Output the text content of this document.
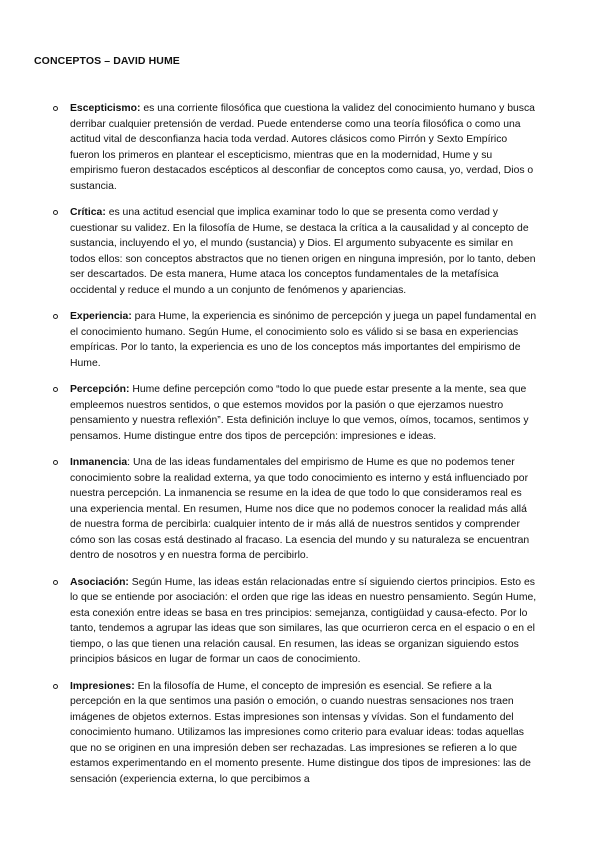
CONCEPTOS – DAVID HUME

Escepticismo: es una corriente filosófica que cuestiona la validez del conocimiento humano y busca derribar cualquier pretensión de verdad. Puede entenderse como una teoría filosófica o como una actitud vital de desconfianza hacia toda verdad. Autores clásicos como Pirrón y Sexto Empírico fueron los primeros en plantear el escepticismo, mientras que en la modernidad, Hume y su empirismo fueron destacados escépticos al desconfiar de conceptos como causa, yo, verdad, Dios o sustancia.

Crítica: es una actitud esencial que implica examinar todo lo que se presenta como verdad y cuestionar su validez. En la filosofía de Hume, se destaca la crítica a la causalidad y al concepto de sustancia, incluyendo el yo, el mundo (sustancia) y Dios. El argumento subyacente es similar en todos ellos: son conceptos abstractos que no tienen origen en ninguna impresión, por lo tanto, deben ser descartados. De esta manera, Hume ataca los conceptos fundamentales de la metafísica occidental y reduce el mundo a un conjunto de fenómenos y apariencias.

Experiencia: para Hume, la experiencia es sinónimo de percepción y juega un papel fundamental en el conocimiento humano. Según Hume, el conocimiento solo es válido si se basa en experiencias empíricas. Por lo tanto, la experiencia es uno de los conceptos más importantes del empirismo de Hume.

Percepción: Hume define percepción como “todo lo que puede estar presente a la mente, sea que empleemos nuestros sentidos, o que estemos movidos por la pasión o que ejerzamos nuestro pensamiento y nuestra reflexión”. Esta definición incluye lo que vemos, oímos, tocamos, sentimos y pensamos. Hume distingue entre dos tipos de percepción: impresiones e ideas.

Inmanencia: Una de las ideas fundamentales del empirismo de Hume es que no podemos tener conocimiento sobre la realidad externa, ya que todo conocimiento es interno y está influenciado por nuestra percepción. La inmanencia se resume en la idea de que todo lo que consideramos real es una experiencia mental. En resumen, Hume nos dice que no podemos conocer la realidad más allá de nuestra forma de percibirla: cualquier intento de ir más allá de nuestros sentidos y comprender cómo son las cosas está destinado al fracaso. La esencia del mundo y su naturaleza se encuentran dentro de nosotros y en nuestra forma de percibirlo.

Asociación: Según Hume, las ideas están relacionadas entre sí siguiendo ciertos principios. Esto es lo que se entiende por asociación: el orden que rige las ideas en nuestro pensamiento. Según Hume, esta conexión entre ideas se basa en tres principios: semejanza, contigüidad y causa-efecto. Por lo tanto, tendemos a agrupar las ideas que son similares, las que ocurrieron cerca en el espacio o en el tiempo, o las que tienen una relación causal. En resumen, las ideas se organizan siguiendo estos principios básicos en lugar de formar un caos de conocimiento.

Impresiones: En la filosofía de Hume, el concepto de impresión es esencial. Se refiere a la percepción en la que sentimos una pasión o emoción, o cuando nuestras sensaciones nos traen imágenes de objetos externos. Estas impresiones son intensas y vívidas. Son el fundamento del conocimiento humano. Utilizamos las impresiones como criterio para evaluar ideas: todas aquellas que no se originen en una impresión deben ser rechazadas. Las impresiones se refieren a lo que estamos experimentando en el momento presente. Hume distingue dos tipos de impresiones: las de sensación (experiencia externa, lo que percibimos a
